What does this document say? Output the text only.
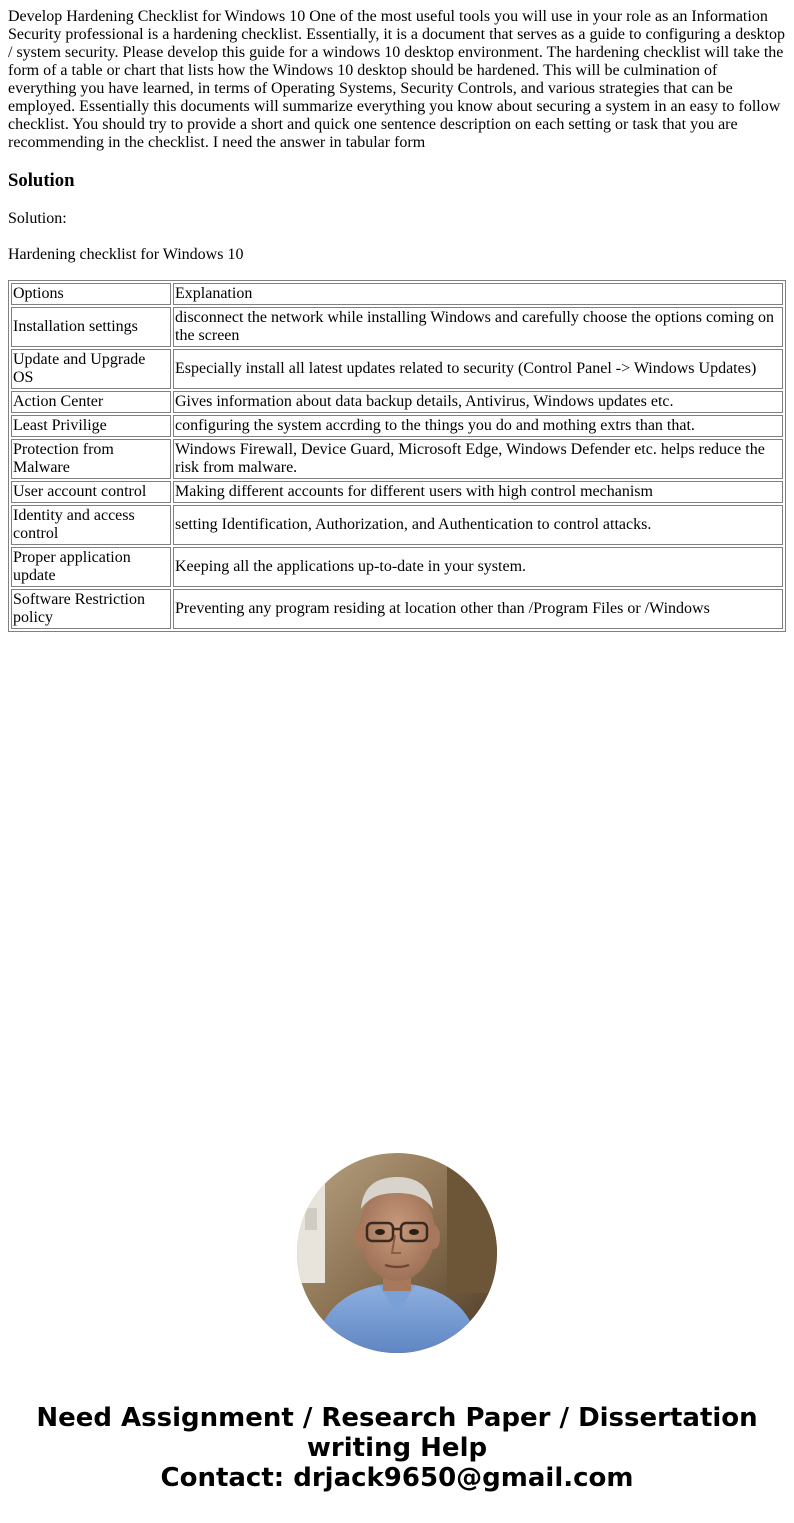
Develop Hardening Checklist for Windows 10 One of the most useful tools you will use in your role as an Information Security professional is a hardening checklist. Essentially, it is a document that serves as a guide to configuring a desktop / system security. Please develop this guide for a windows 10 desktop environment. The hardening checklist will take the form of a table or chart that lists how the Windows 10 desktop should be hardened. This will be culmination of everything you have learned, in terms of Operating Systems, Security Controls, and various strategies that can be employed. Essentially this documents will summarize everything you know about securing a system in an easy to follow checklist. You should try to provide a short and quick one sentence description on each setting or task that you are recommending in the checklist. I need the answer in tabular form

Solution

Solution:

Hardening checklist for Windows 10

Options	Explanation
Installation settings	disconnect the network while installing Windows and carefully choose the options coming on the screen
Update and Upgrade OS	Especially install all latest updates related to security (Control Panel -> Windows Updates)
Action Center	Gives information about data backup details, Antivirus, Windows updates etc.
Least Privilige	configuring the system accrding to the things you do and mothing extrs than that.
Protection from Malware	Windows Firewall, Device Guard, Microsoft Edge, Windows Defender etc. helps reduce the risk from malware.
User account control	Making different accounts for different users with high control mechanism
Identity and access control	setting Identification, Authorization, and Authentication to control attacks.
Proper application update	Keeping all the applications up-to-date in your system.
Software Restriction policy	Preventing any program residing at location other than /Program Files or /Windows
Need Assignment / Research Paper / Dissertation
writing Help
Contact: drjack9650@gmail.com
